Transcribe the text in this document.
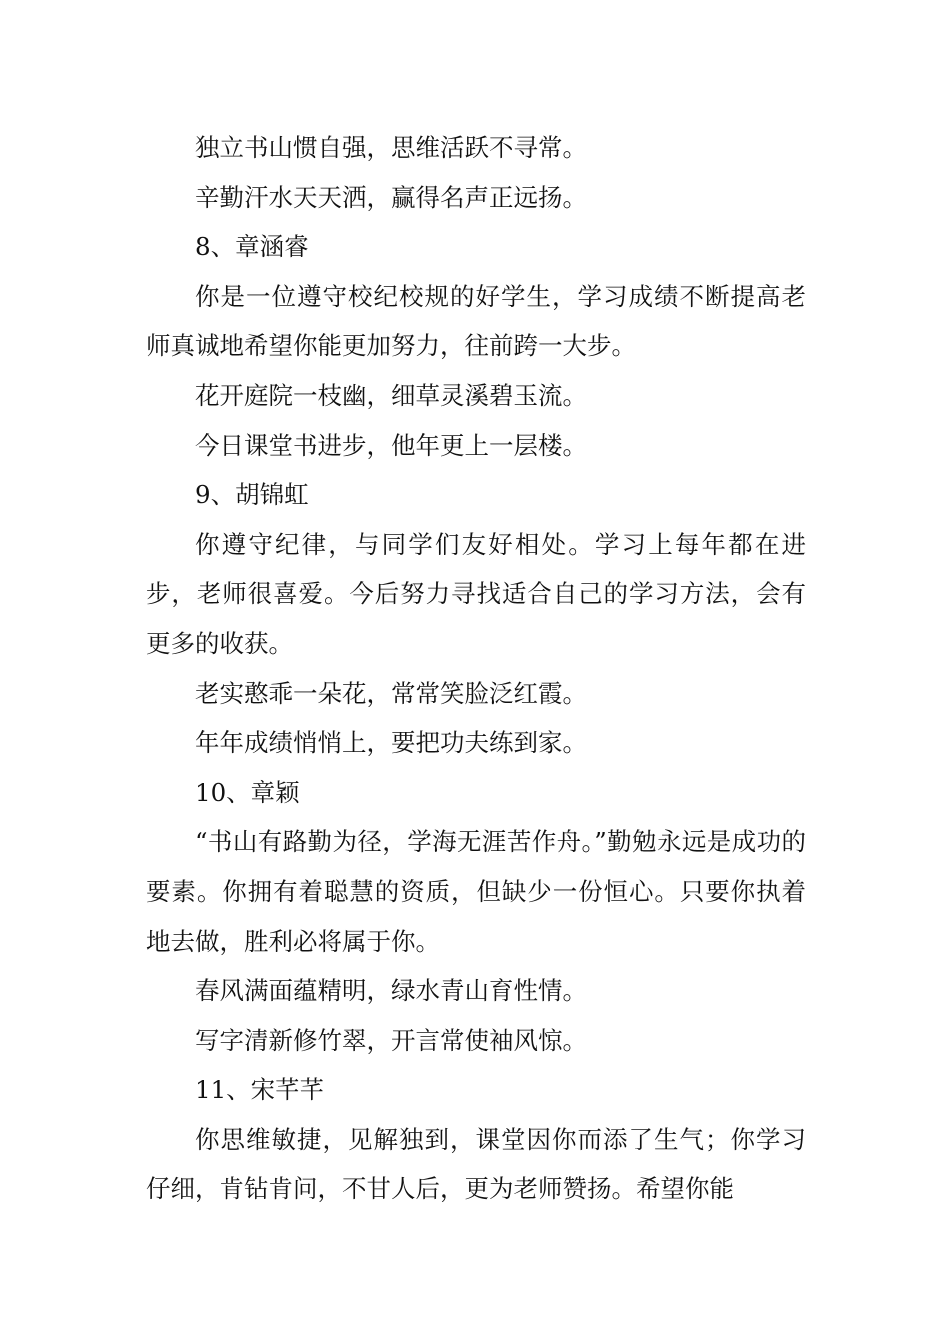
独立书山惯自强，思维活跃不寻常。

辛勤汗水天天洒，赢得名声正远扬。

8、章涵睿

你是一位遵守校纪校规的好学生，学习成绩不断提高老师真诚地希望你能更加努力，往前跨一大步。

花开庭院一枝幽，细草灵溪碧玉流。

今日课堂书进步，他年更上一层楼。

9、胡锦虹

你遵守纪律，与同学们友好相处。学习上每年都在进步，老师很喜爱。今后努力寻找适合自己的学习方法，会有更多的收获。

老实憨乖一朵花，常常笑脸泛红霞。

年年成绩悄悄上，要把功夫练到家。

10、章颖

“书山有路勤为径，学海无涯苦作舟。”勤勉永远是成功的要素。你拥有着聪慧的资质，但缺少一份恒心。只要你执着地去做，胜利必将属于你。

春风满面蕴精明，绿水青山育性情。

写字清新修竹翠，开言常使袖风惊。

11、宋芊芊

你思维敏捷，见解独到，课堂因你而添了生气；你学习仔细，肯钻肯问，不甘人后，更为老师赞扬。希望你能
